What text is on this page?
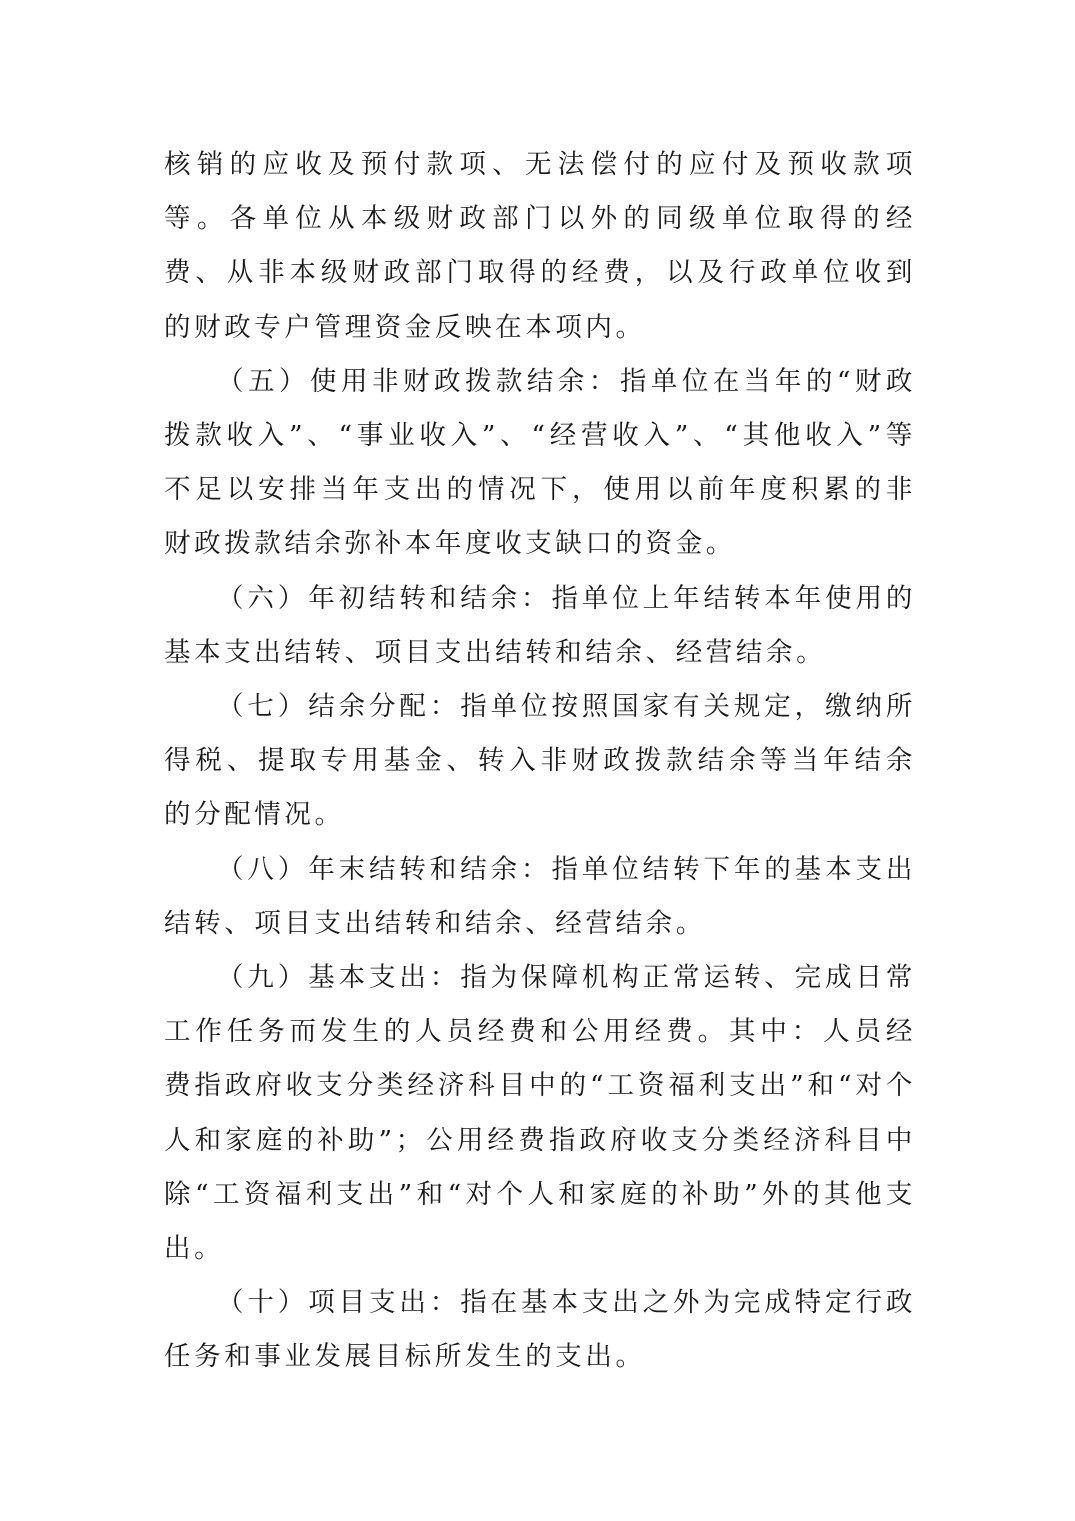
核销的应收及预付款项、无法偿付的应付及预收款项等。各单位从本级财政部门以外的同级单位取得的经费、从非本级财政部门取得的经费，以及行政单位收到的财政专户管理资金反映在本项内。

（五）使用非财政拨款结余：指单位在当年的“财政拨款收入”、“事业收入”、“经营收入”、“其他收入”等不足以安排当年支出的情况下，使用以前年度积累的非财政拨款结余弥补本年度收支缺口的资金。

（六）年初结转和结余：指单位上年结转本年使用的基本支出结转、项目支出结转和结余、经营结余。

（七）结余分配：指单位按照国家有关规定，缴纳所得税、提取专用基金、转入非财政拨款结余等当年结余的分配情况。

（八）年末结转和结余：指单位结转下年的基本支出结转、项目支出结转和结余、经营结余。

（九）基本支出：指为保障机构正常运转、完成日常工作任务而发生的人员经费和公用经费。其中：人员经费指政府收支分类经济科目中的“工资福利支出”和“对个人和家庭的补助”；公用经费指政府收支分类经济科目中除“工资福利支出”和“对个人和家庭的补助”外的其他支出。

（十）项目支出：指在基本支出之外为完成特定行政任务和事业发展目标所发生的支出。
